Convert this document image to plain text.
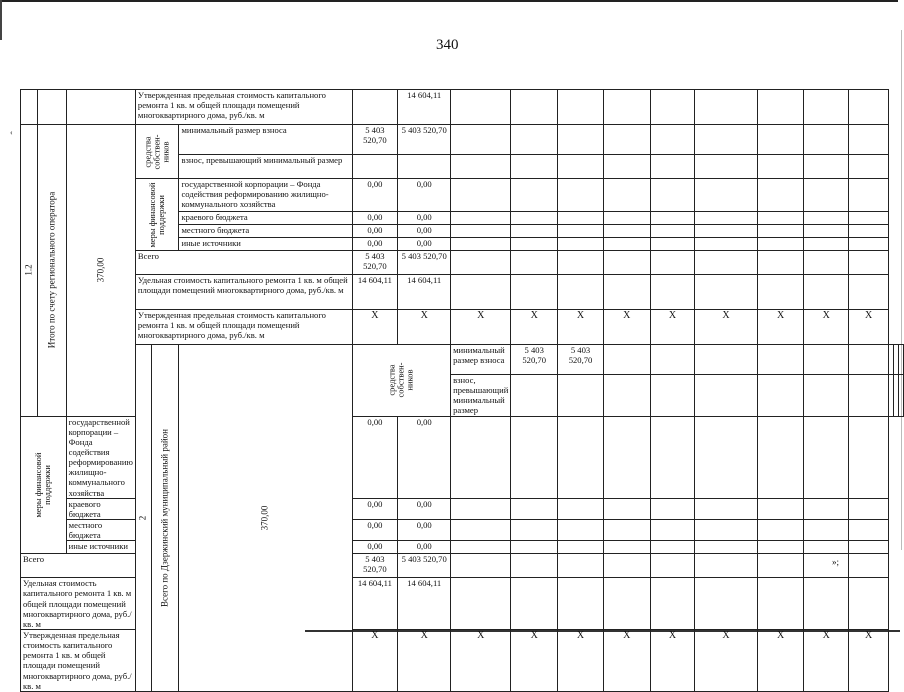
‹
340
»;
			Утвержденная предельная стоимость капитального ремонта 1 кв. м общей площади помещений многоквартирного дома, руб./кв. м				14 604,11												

1.2	Итого по счету регионального оператора	370,00	средства собствен-ников		минимальный размер взноса	5 403 520,70	5 403 520,70												
					взнос, превышающий минимальный размер														

			меры финансовой поддержки		государственной корпорации – Фонда содействия реформированию жилищно-коммунального хозяйства	0,00	0,00												
					краевого бюджета	0,00	0,00												
					местного бюджета	0,00	0,00												
					иные источники	0,00	0,00												
			Всего			5 403 520,70	5 403 520,70												
			Удельная стоимость капитального ремонта 1 кв. м общей площади помещений многоквартирного дома, руб./кв. м			14 604,11	14 604,11												
			Утвержденная предельная стоимость капитального ремонта 1 кв. м общей площади помещений многоквартирного дома, руб./кв. м			Х	Х	Х	Х	Х	Х	Х	Х	Х	Х	Х			

			2	Всего по Дзержинский муниципальный район	370,00	средства собствен-ников		минимальный размер взноса	5 403 520,70	5 403 520,70									
								взнос, превышающий минимальный размер											

меры финансовой поддержки		государственной корпорации – Фонда содействия реформированию жилищно-коммунального хозяйства				0,00	0,00												
		краевого бюджета				0,00	0,00												
		местного бюджета				0,00	0,00												
		иные источники				0,00	0,00												
Всего						5 403 520,70	5 403 520,70												
Удельная стоимость капитального ремонта 1 кв. м общей площади помещений многоквартирного дома, руб./кв. м						14 604,11	14 604,11												
Утвержденная предельная стоимость капитального ремонта 1 кв. м общей площади помещений многоквартирного дома, руб./кв. м						Х	Х	Х	Х	Х	Х	Х	Х	Х	Х	Х			
